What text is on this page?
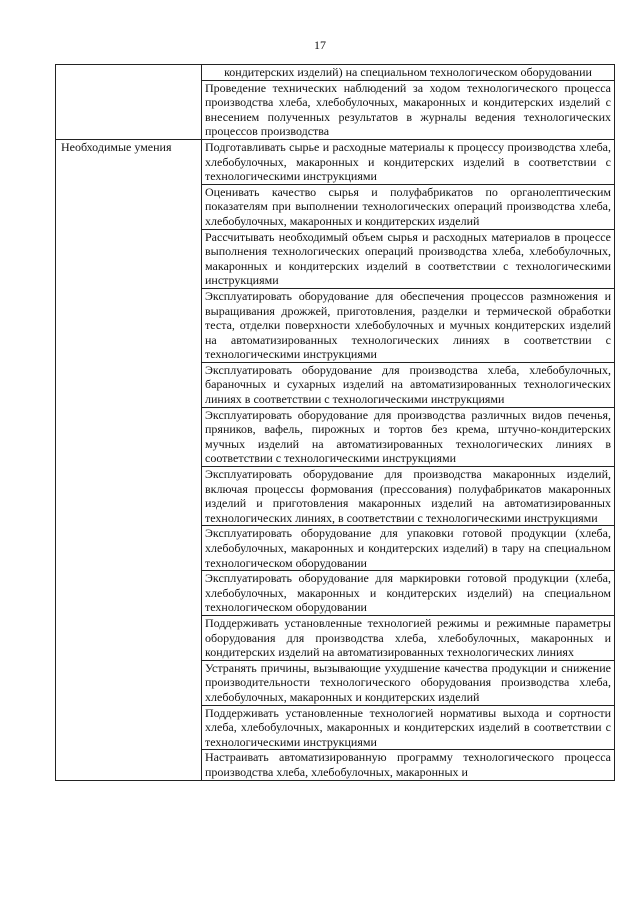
17
	кондитерских изделий) на специальном технологическом оборудовании
	Проведение технических наблюдений за ходом технологического процесса производства хлеба, хлебобулочных, макаронных и кондитерских изделий с внесением полученных результатов в журналы ведения технологических процессов производства
Необходимые умения	Подготавливать сырье и расходные материалы к процессу производства хлеба, хлебобулочных, макаронных и кондитерских изделий в соответствии с технологическими инструкциями
	Оценивать качество сырья и полуфабрикатов по органолептическим показателям при выполнении технологических операций производства хлеба, хлебобулочных, макаронных и кондитерских изделий
	Рассчитывать необходимый объем сырья и расходных материалов в процессе выполнения технологических операций производства хлеба, хлебобулочных, макаронных и кондитерских изделий в соответствии с технологическими инструкциями
	Эксплуатировать оборудование для обеспечения процессов размножения и выращивания дрожжей, приготовления, разделки и термической обработки теста, отделки поверхности хлебобулочных и мучных кондитерских изделий на автоматизированных технологических линиях в соответствии с технологическими инструкциями
	Эксплуатировать оборудование для производства хлеба, хлебобулочных, бараночных и сухарных изделий на автоматизированных технологических линиях в соответствии с технологическими инструкциями
	Эксплуатировать оборудование для производства различных видов печенья, пряников, вафель, пирожных и тортов без крема, штучно-кондитерских мучных изделий на автоматизированных технологических линиях в соответствии с технологическими инструкциями
	Эксплуатировать оборудование для производства макаронных изделий, включая процессы формования (прессования) полуфабрикатов макаронных изделий и приготовления макаронных изделий на автоматизированных технологических линиях, в соответствии с технологическими инструкциями
	Эксплуатировать оборудование для упаковки готовой продукции (хлеба, хлебобулочных, макаронных и кондитерских изделий) в тару на специальном технологическом оборудовании
	Эксплуатировать оборудование для маркировки готовой продукции (хлеба, хлебобулочных, макаронных и кондитерских изделий) на специальном технологическом оборудовании
	Поддерживать установленные технологией режимы и режимные параметры оборудования для производства хлеба, хлебобулочных, макаронных и кондитерских изделий на автоматизированных технологических линиях
	Устранять причины, вызывающие ухудшение качества продукции и снижение производительности технологического оборудования производства хлеба, хлебобулочных, макаронных и кондитерских изделий
	Поддерживать установленные технологией нормативы выхода и сортности хлеба, хлебобулочных, макаронных и кондитерских изделий в соответствии с технологическими инструкциями
	Настраивать автоматизированную программу технологического процесса производства хлеба, хлебобулочных, макаронных и
